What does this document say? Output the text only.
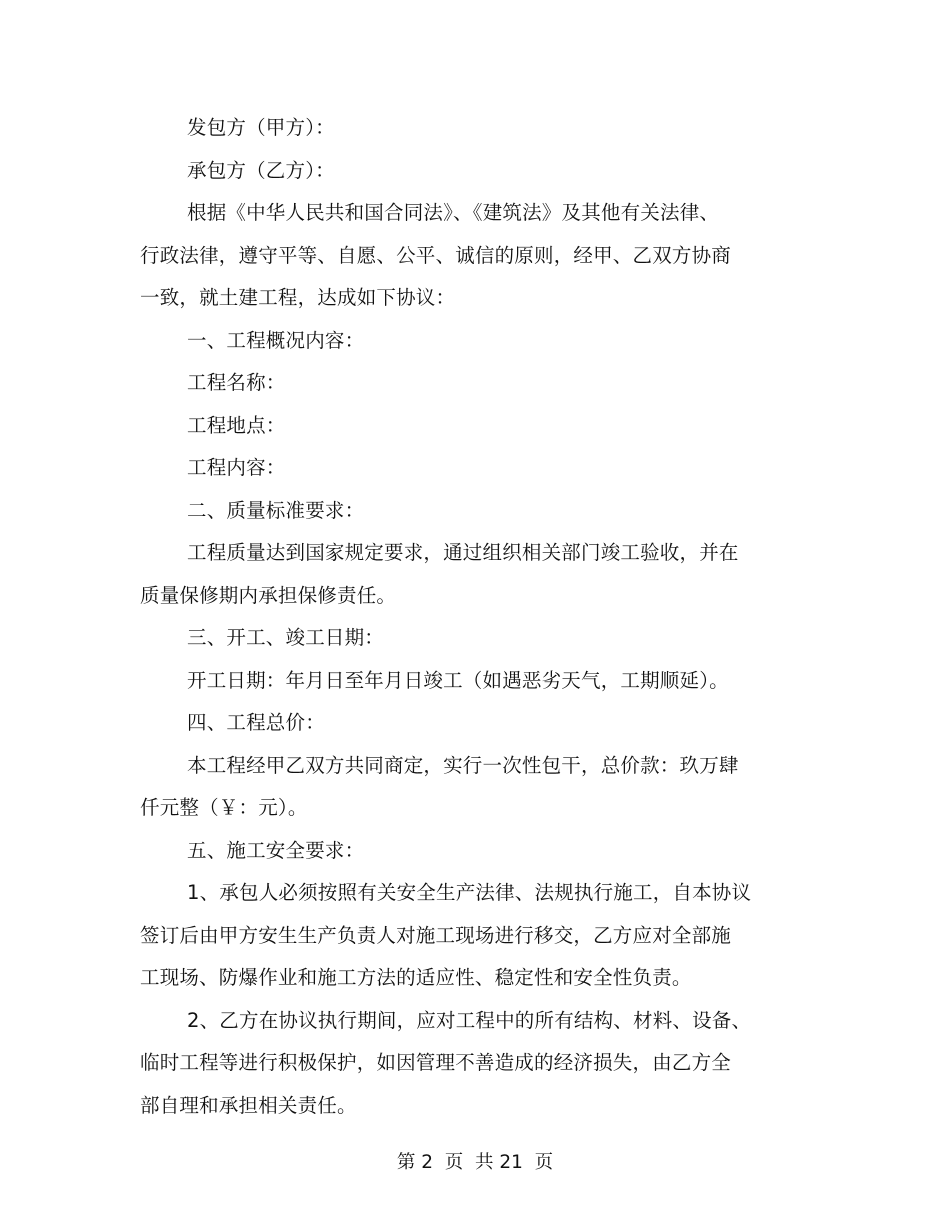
发包方（甲方）：
承包方（乙方）：
根据《中华人民共和国合同法》、《建筑法》及其他有关法律、
行政法律，遵守平等、自愿、公平、诚信的原则，经甲、乙双方协商
一致，就土建工程，达成如下协议：
一、工程概况内容：
工程名称：
工程地点：
工程内容：
二、质量标准要求：
工程质量达到国家规定要求，通过组织相关部门竣工验收，并在
质量保修期内承担保修责任。
三、开工、竣工日期：
开工日期：年月日至年月日竣工（如遇恶劣天气，工期顺延）。
四、工程总价：
本工程经甲乙双方共同商定，实行一次性包干，总价款：玖万肆
仟元整（￥：元）。
五、施工安全要求：
1、承包人必须按照有关安全生产法律、法规执行施工，自本协议
签订后由甲方安生生产负责人对施工现场进行移交，乙方应对全部施
工现场、防爆作业和施工方法的适应性、稳定性和安全性负责。
2、乙方在协议执行期间，应对工程中的所有结构、材料、设备、
临时工程等进行积极保护，如因管理不善造成的经济损失，由乙方全
部自理和承担相关责任。
第 2  页  共 21  页
